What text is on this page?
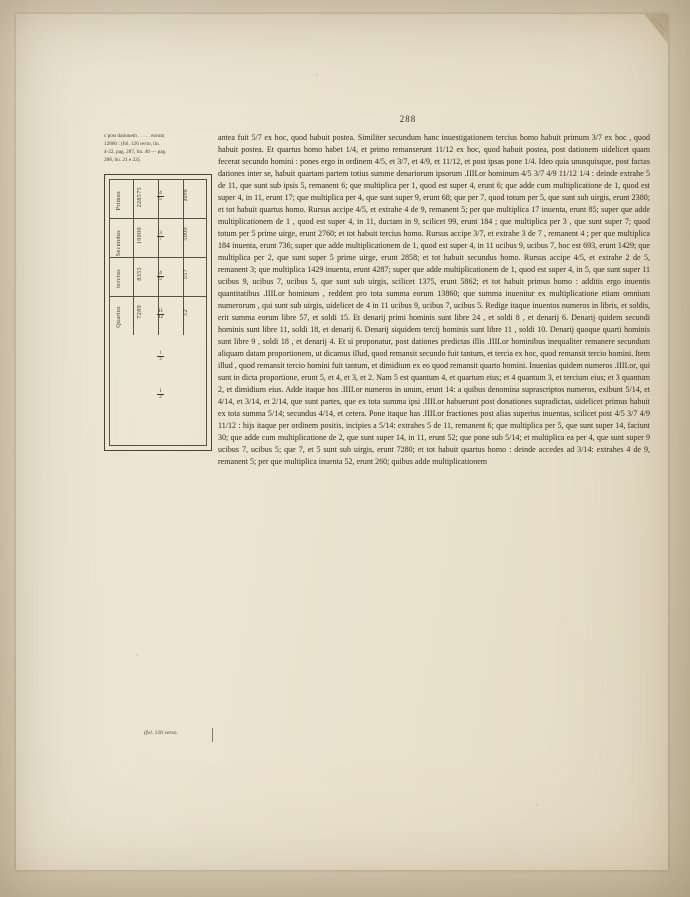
288
c post dationem . . . . . eorum
12860 : (fol. 126 recto, lin.
4-22, pag. 287, lin. 40 — pag.
288, lin. 21 e 22).
Primus
Secundus
tercius
Quartus
228575
10000
8355
7289
zero
5000
557
52
4
5
3
7
4
9
11
12
1
4
1
2

antea fuit 5/7 ex hoc, quod habuit postea. Similiter secundum hanc inuestigationem tercius homo habuit primum 3/7 ex hoc , quod habuit postea. Et quartus homo habet 1/4, et primo remanserunt 11/12 ex hoc, quod habuit postea, post dationem uidelicet quam fecerat secundo homini : pones ergo in ordinem 4/5, et 3/7, et 4/9, et 11/12, et post ipsas pone 1/4. Ideo quia unusquisque, post factas dationes inter se, habuit quartam partem totius summe denariorum ipsorum .IIII.or hominum 4/5 3/7 4/9 11/12 1/4 : deinde extrahe 5 de 11, que sunt sub ipsis 5, remanent 6; que multiplica per 1, quod est super 4, erunt 6; que adde cum multiplicatione de 1, quod est super 4, in 11, erunt 17; que multiplica per 4, que sunt super 9, erunt 68; que per 7, quod totum per 5, que sunt sub uirgis, erunt 2380; et tot habuit quartus homo. Rursus accipe 4/5, et extrahe 4 de 9, remanent 5; per que multiplica 17 inuenta, erunt 85; super que adde multiplicationem de 1 , quod est super 4, in 11, ductam in 9, scilicet 99, erunt 184 ; que multiplica per 3 , que sunt super 7; quod totum per 5 prime uirge, erunt 2760; et tot habuit tercius homo. Rursus accipe 3/7, et extrahe 3 de 7 , remanent 4 ; per que multiplica 184 inuenta, erunt 736; super que adde multiplicationem de 1, quod est super 4, in 11 ucibus 9, ucibus 7, hoc est 693, erunt 1429; que multiplica per 2, que sunt super 5 prime uirge, erunt 2858; et tot habuit secundus homo. Rursus accipe 4/5, et extrahe 2 de 5, remanent 3; que multiplica 1429 inuenta, erunt 4287; super que adde multiplicationem de 1, quod est super 4, in 5, que sunt super 11 ucibus 9, ucibus 7, ucibus 5, que sunt sub uirgis, scilicet 1375, erunt 5862; et tot habuit primus homo : additis ergo inuentis quantitatibus .IIII.or hominum , reddent pro tota summa eorum 13860; que summa inuenitur ex multiplicatione etiam omnium numerorum , qui sunt sub uirgis, uidelicet de 4 in 11 ucibus 9, ucibus 7, ucibus 5. Redige itaque inuentos numeros in libris, et soldis, erit summa eorum libre 57, et soldi 15. Et denarij primi hominis sunt libre 24 , et soldi 8 , et denarij 6. Denarij quidem secundi hominis sunt libre 11, soldi 18, et denarij 6. Denarij siquidem tercij hominis sunt libre 11 , soldi 10. Denarij quoque quarti hominis sunt libre 9 , soldi 18 , et denarij 4. Et si proponatur, post dationes predictas illis .IIII.or hominibus inequaliter remanere secundum aliquam datam proportionem, ut dicamus illud, quod remansit secundo fuit tantum, et tercia ex hoc, quod remansit tercio homini. Item illud , quod remansit tercio homini fuit tantum, et dimidium ex eo quod remansit quarto homini. Inuenias quidem numeros .IIII.or, qui sunt in dicta proportione, erunt 5, et 4, et 3, et 2. Nam 5 est quantum 4, et quartum eius; et 4 quantum 3, et tercium eius; et 3 quantum 2, et dimidium eius. Adde itaque hos .IIII.or numeros in unum, erunt 14: a quibus denomina suprascriptos numeros, exibunt 5/14, et 4/14, et 3/14, et 2/14, que sunt partes, que ex tota summa ipsi .IIII.or habuerunt post donationes supradictas, uidelicet primus habuit ex tota summa 5/14; secundus 4/14, et cetera. Pone itaque has .IIII.or fractiones post alias superius inuentas, scilicet post 4/5 3/7 4/9 11/12 : hijs itaque per ordinem positis, incipies a 5/14: extrahes 5 de 11, remanent 6; que multiplica per 5, que sunt super 14, faciunt 30; que adde cum multiplicatione de 2, que sunt super 14, in 11, erunt 52; que pone sub 5/14; et multiplica ea per 4, que sunt super 9 ucibus 7, ucibus 5; que 7, et 5 sunt sub uirgis, erunt 7280; et tot habuit quartus homo : deinde accedes ad 3/14: extrahes 4 de 9, remanent 5; per que multiplica inuenta 52, erunt 260; quibus adde multiplicationem

(fol. 126 verso.
